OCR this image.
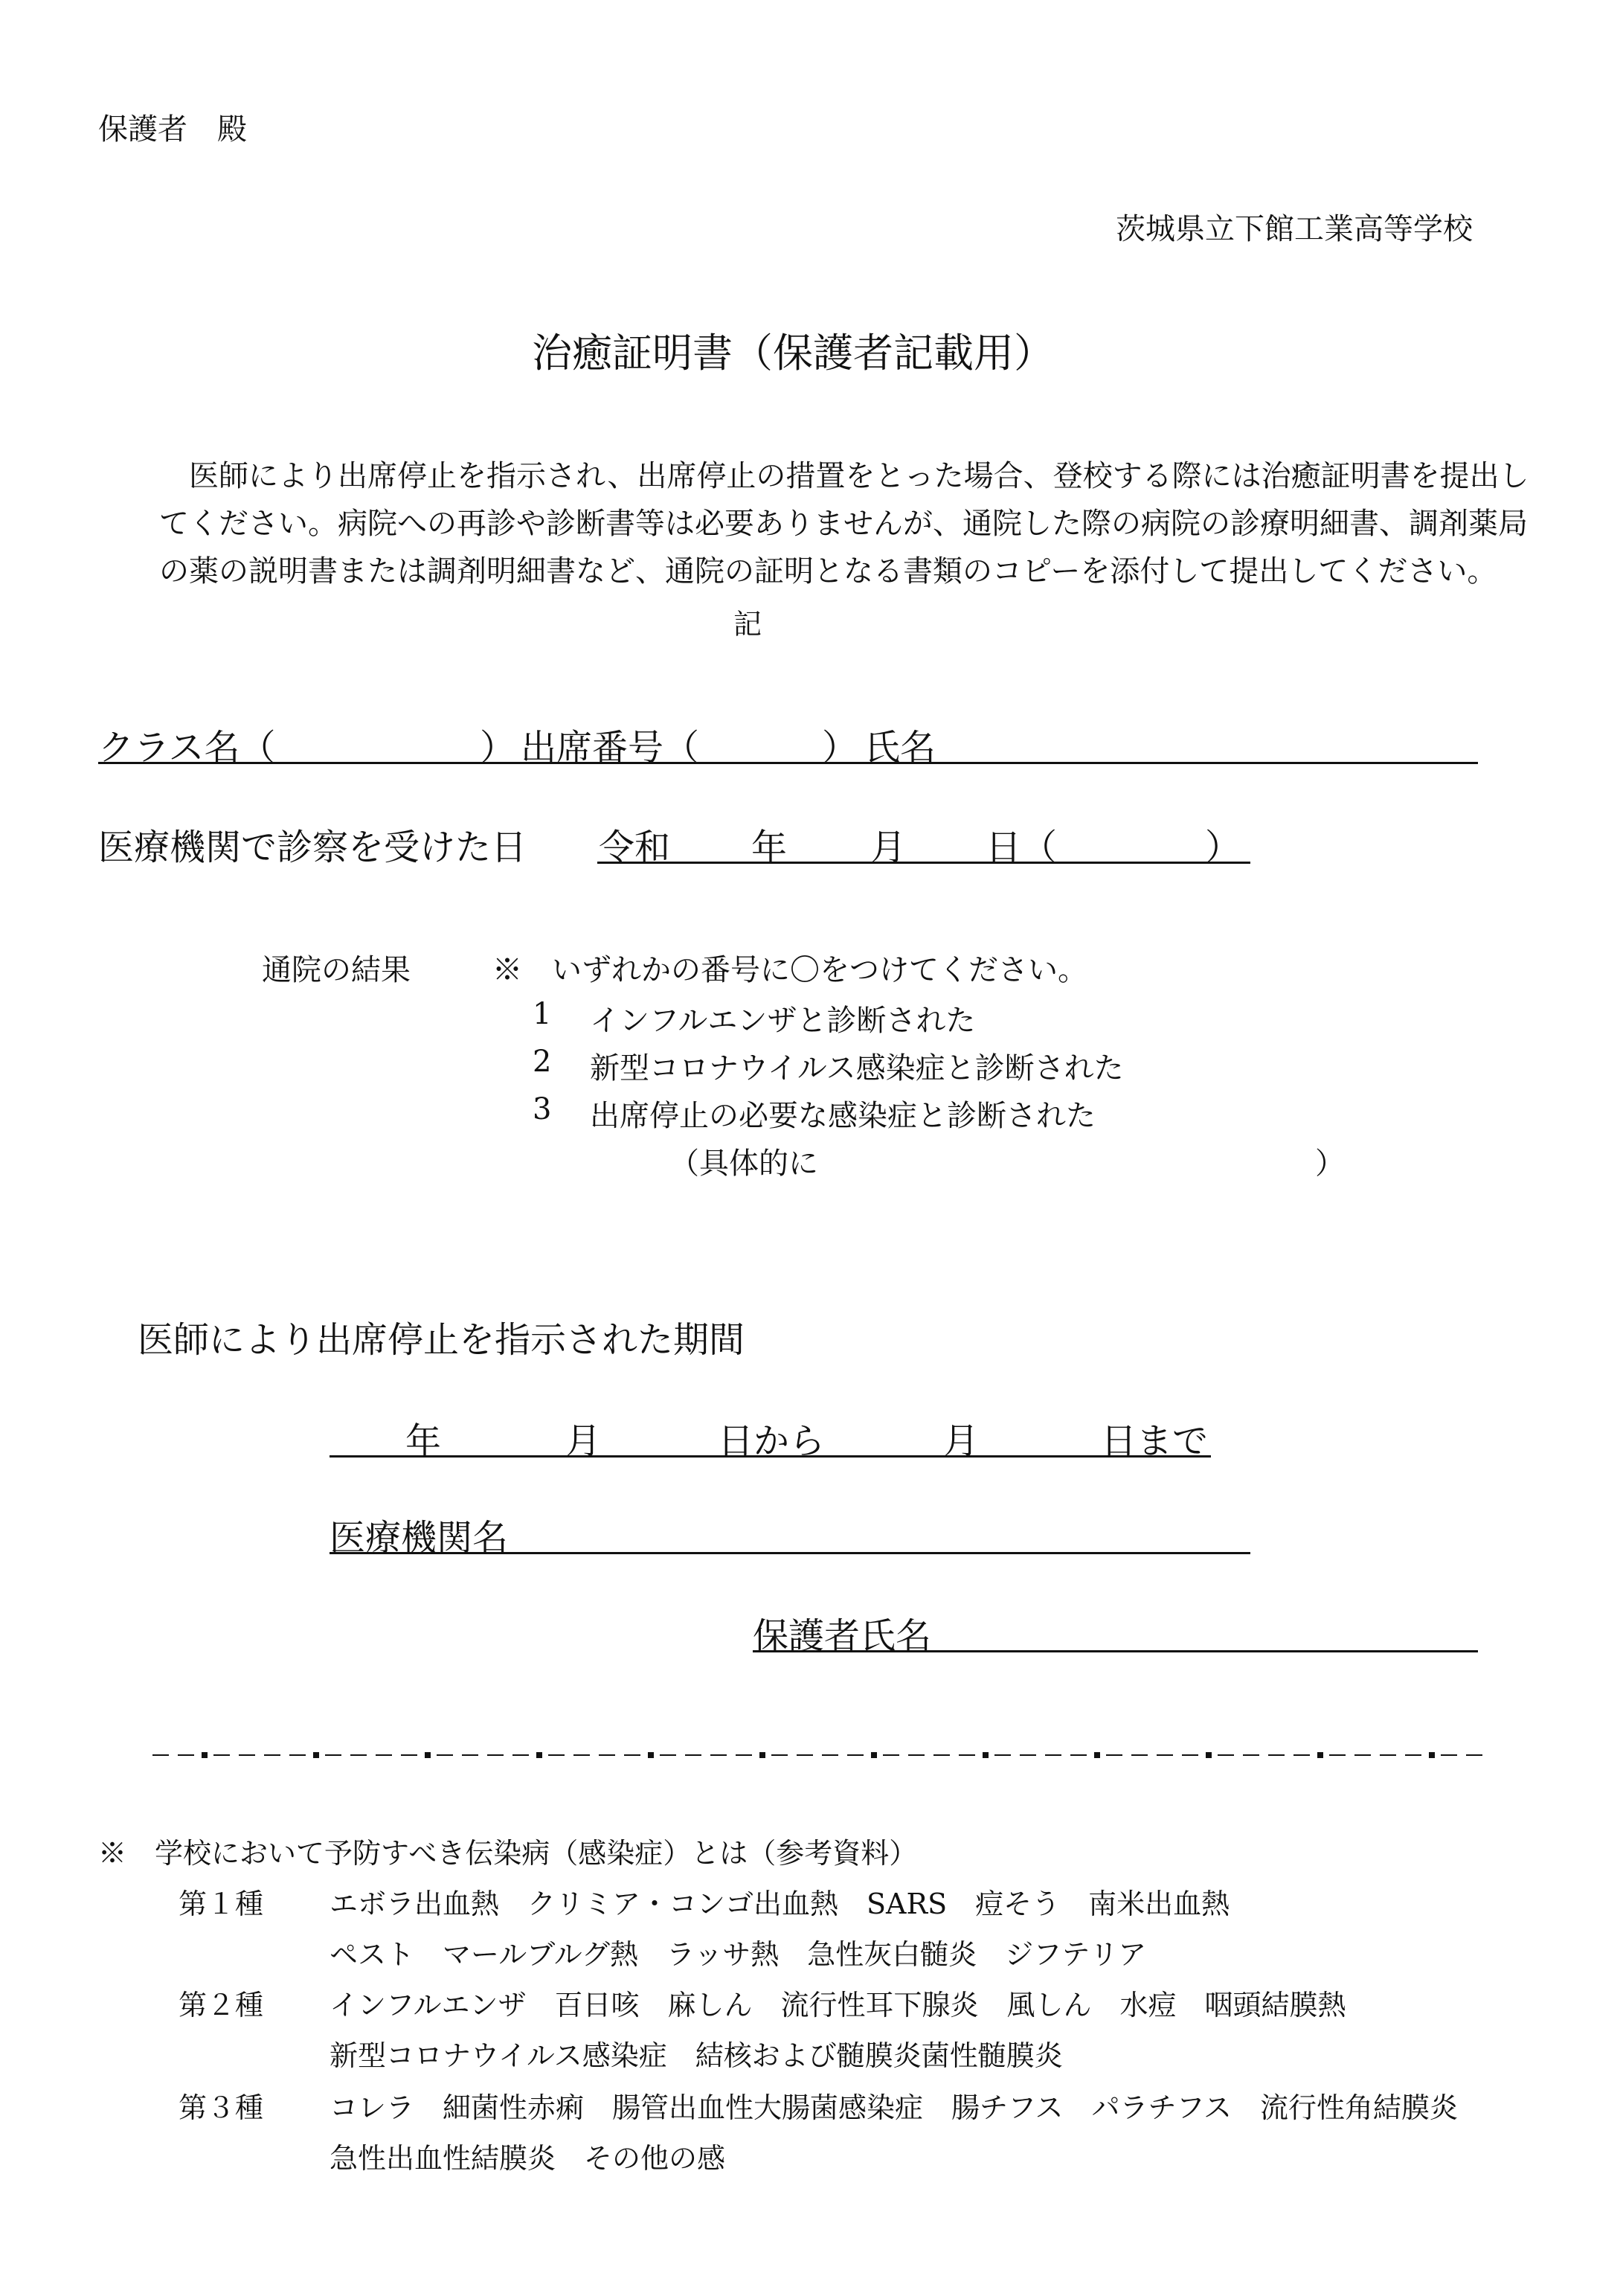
保護者　殿
茨城県立下館工業高等学校
治癒証明書（保護者記載用）
医師により出席停止を指示され、出席停止の措置をとった場合、登校する際には治癒証明書を提出し
てください。病院への再診や診断書等は必要ありませんが、通院した際の病院の診療明細書、調剤薬局
の薬の説明書または調剤明細書など、通院の証明となる書類のコピーを添付して提出してください。
記
クラス名（	） 出席番号（	） 氏名
医療機関で診察を受けた日 令和 年 月 日（	）
通院の結果	※　いずれかの番号に〇をつけてください。
1 インフルエンザと診断された
2 新型コロナウイルス感染症と診断された
3 出席停止の必要な感染症と診断された
（具体的に	）
医師により出席停止を指示された期間
年	月	日から	月	日まで
医療機関名
保護者氏名
※　学校において予防すべき伝染病（感染症）とは（参考資料）
第１種 エボラ出血熱　クリミア・コンゴ出血熱　SARS　痘そう　南米出血熱
ペスト　マールブルグ熱　ラッサ熱　急性灰白髄炎　ジフテリア
第２種 インフルエンザ　百日咳　麻しん　流行性耳下腺炎　風しん　水痘　咽頭結膜熱
新型コロナウイルス感染症　結核および髄膜炎菌性髄膜炎
第３種 コレラ　細菌性赤痢　腸管出血性大腸菌感染症　腸チフス　パラチフス　流行性角結膜炎
急性出血性結膜炎　その他の感
